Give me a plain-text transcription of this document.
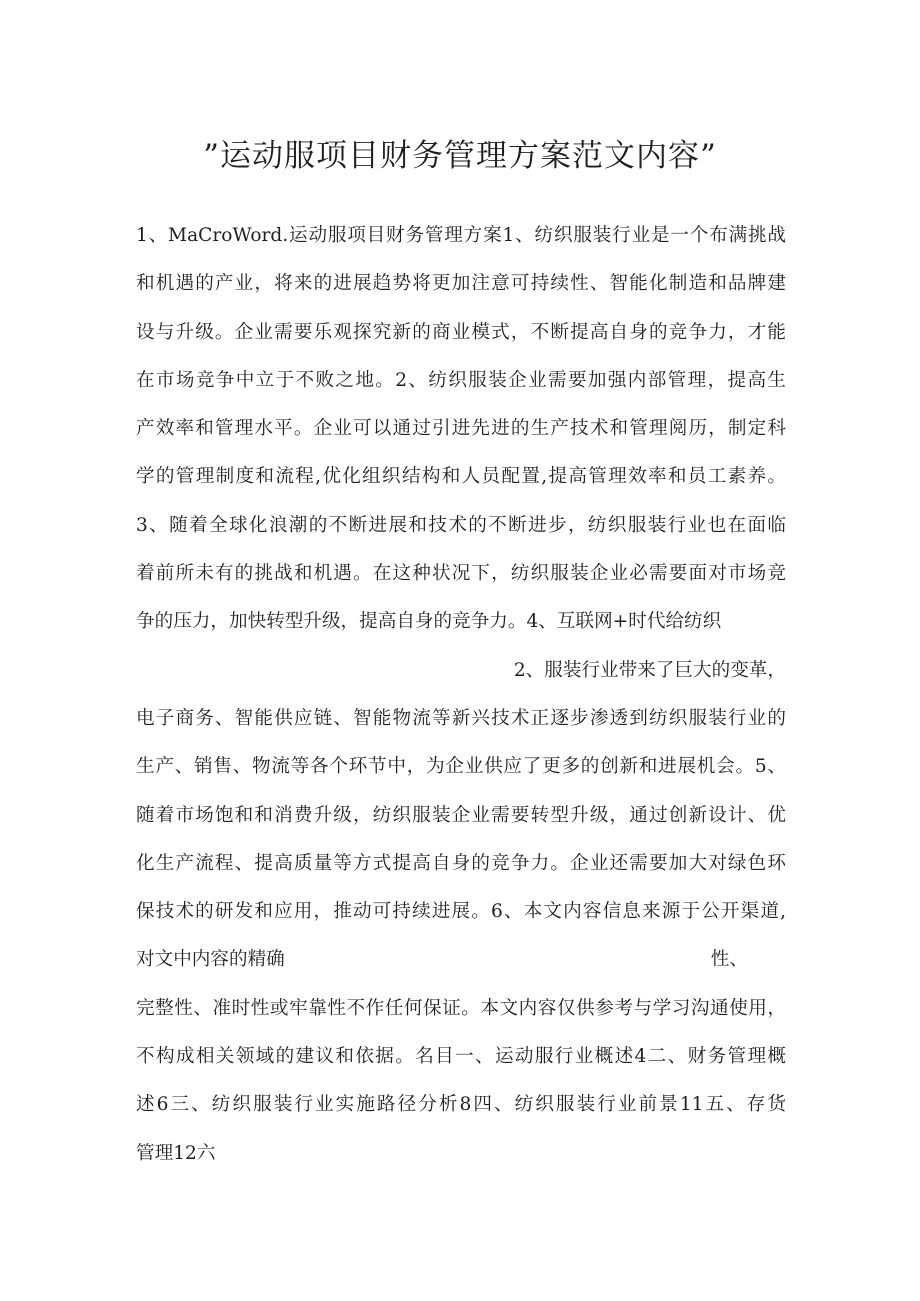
”运动服项目财务管理方案范文内容”
1、MaCroWord.运动服项目财务管理方案1、纺织服装行业是一个布满挑战
和机遇的产业，将来的进展趋势将更加注意可持续性、智能化制造和品牌建
设与升级。企业需要乐观探究新的商业模式，不断提高自身的竞争力，才能
在市场竞争中立于不败之地。2、纺织服装企业需要加强内部管理，提高生
产效率和管理水平。企业可以通过引进先进的生产技术和管理阅历，制定科
学的管理制度和流程,优化组织结构和人员配置,提高管理效率和员工素养。
3、随着全球化浪潮的不断进展和技术的不断进步，纺织服装行业也在面临
着前所未有的挑战和机遇。在这种状况下，纺织服装企业必需要面对市场竞
争的压力，加快转型升级，提高自身的竞争力。4、互联网+时代给纺织
2、服装行业带来了巨大的变革，
电子商务、智能供应链、智能物流等新兴技术正逐步渗透到纺织服装行业的
生产、销售、物流等各个环节中，为企业供应了更多的创新和进展机会。5、
随着市场饱和和消费升级，纺织服装企业需要转型升级，通过创新设计、优
化生产流程、提高质量等方式提高自身的竞争力。企业还需要加大对绿色环
保技术的研发和应用，推动可持续进展。6、本文内容信息来源于公开渠道,
对文中内容的精确	性、
完整性、准时性或牢靠性不作任何保证。本文内容仅供参考与学习沟通使用，
不构成相关领域的建议和依据。名目一、运动服行业概述4二、财务管理概
述6三、纺织服装行业实施路径分析8四、纺织服装行业前景11五、存货
管理12六
